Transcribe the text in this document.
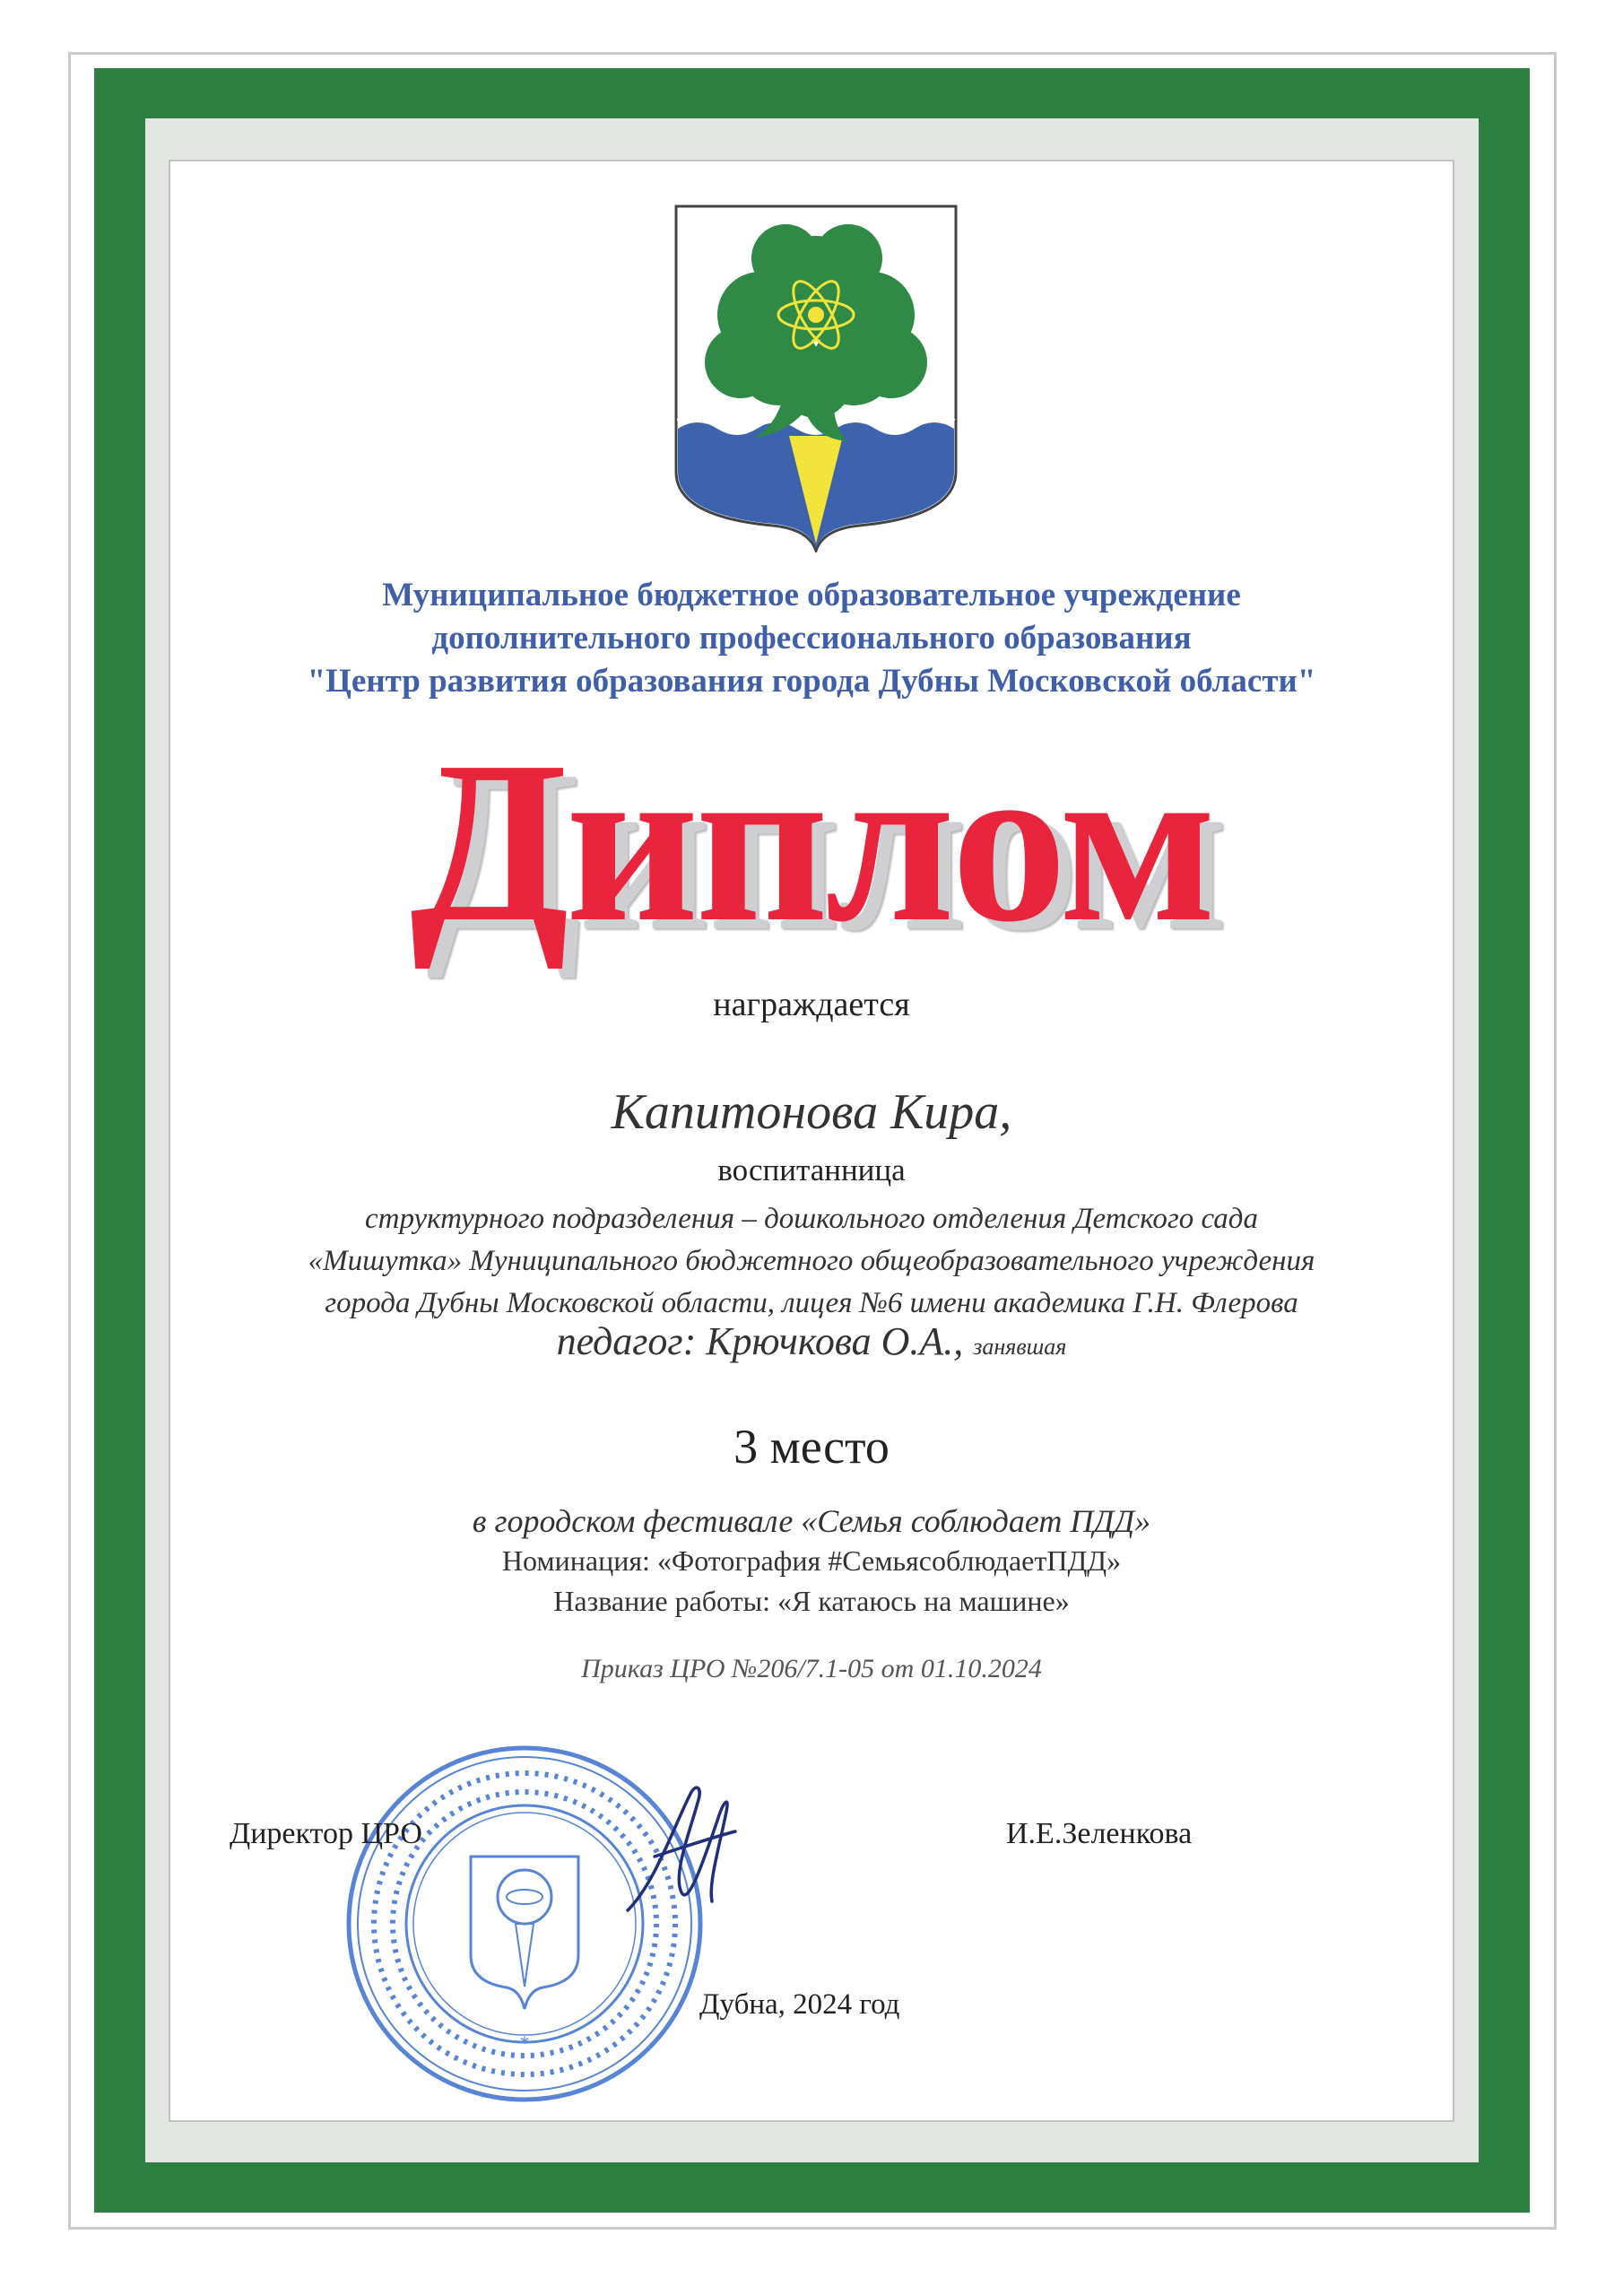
Муниципальное бюджетное образовательное учреждение
дополнительного профессионального образования
"Центр развития образования города Дубны Московской области"
Диплом
награждается
Капитонова Кира,
воспитанница
структурного подразделения – дошкольного отделения Детского сада
«Мишутка» Муниципального бюджетного общеобразовательного учреждения
города Дубны Московской области, лицея №6 имени академика Г.Н. Флерова
педагог: Крючкова О.А., занявшая
3 место
в городском фестивале «Семья соблюдает ПДД»
Номинация: «Фотография #СемьясоблюдаетПДД»
Название работы: «Я катаюсь на машине»
Приказ ЦРО №206/7.1-05 от 01.10.2024
*
Директор ЦРО	И.Е.Зеленкова
Дубна, 2024 год
